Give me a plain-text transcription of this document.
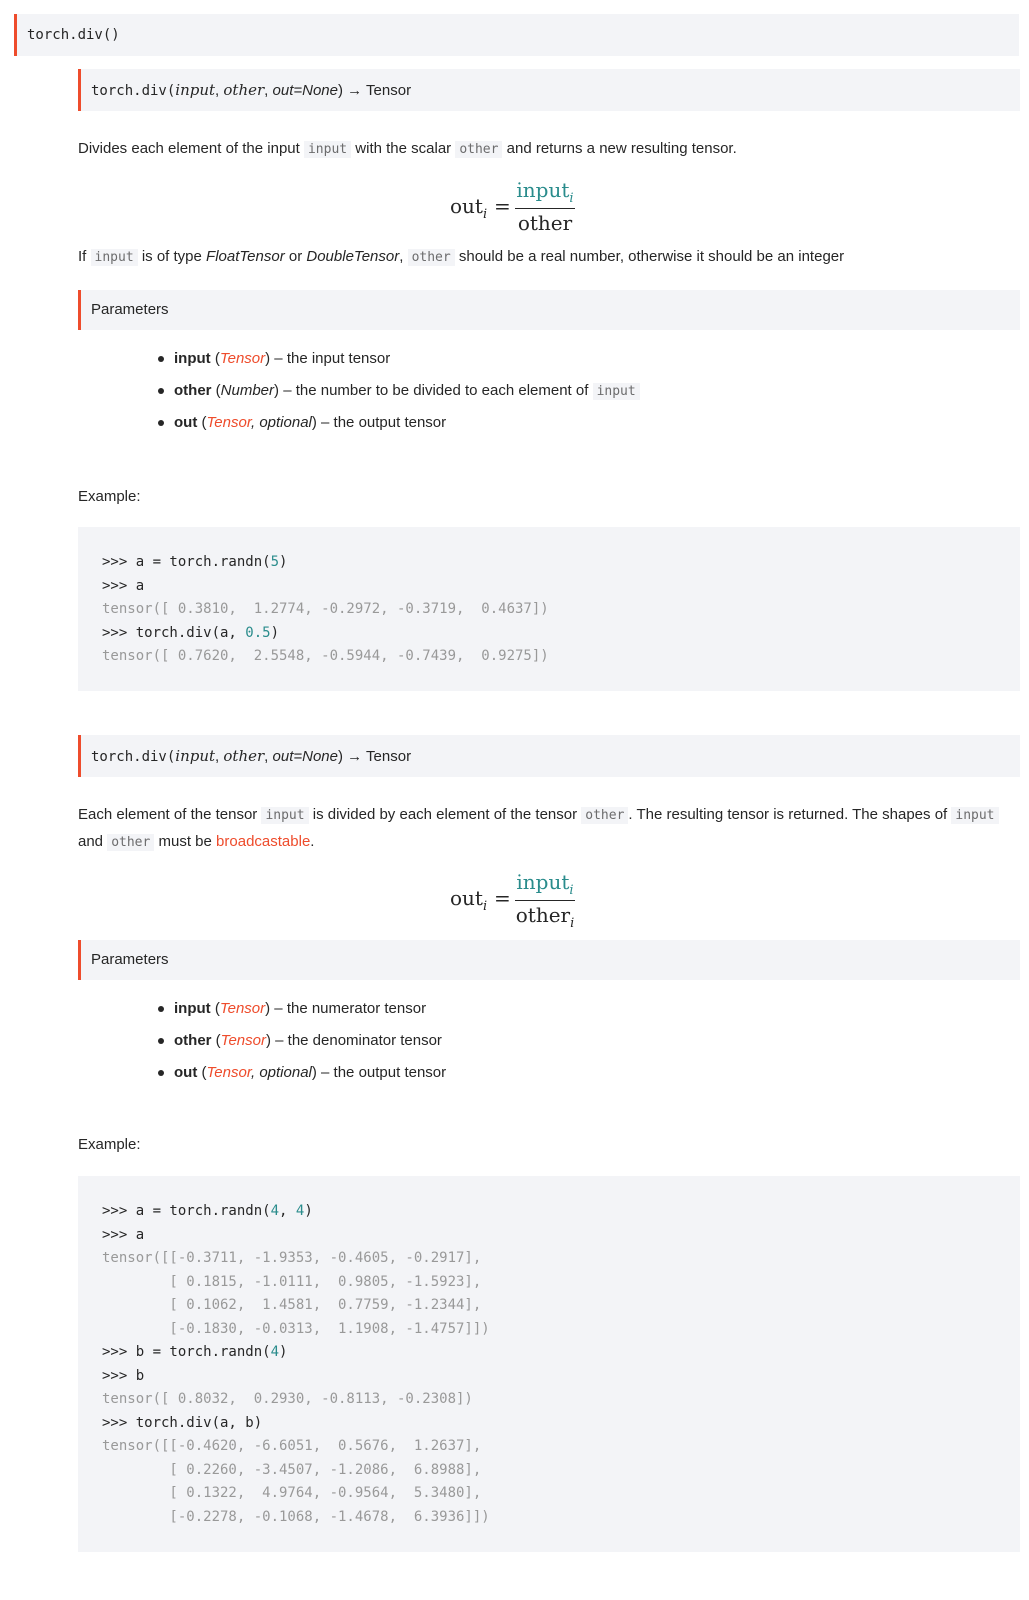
torch.div()
torch.div(input, other, out=None) → Tensor
Divides each element of the input input with the scalar other and returns a new resulting tensor.
out$_i$ =
input$_i$
other
If input is of type FloatTensor or DoubleTensor, other should be a real number, otherwise it should be an integer
Parameters
input (Tensor) – the input tensor
other (Number) – the number to be divided to each element of input
out (Tensor, optional) – the output tensor
Example:
>>> a = torch.randn(5)
>>> a
tensor([ 0.3810,  1.2774, -0.2972, -0.3719,  0.4637])
>>> torch.div(a, 0.5)
tensor([ 0.7620,  2.5548, -0.5944, -0.7439,  0.9275])
torch.div(input, other, out=None) → Tensor
Each element of the tensor input is divided by each element of the tensor other . The resulting tensor is returned. The shapes of input and other must be broadcastable.
out$_i$ =
input$_i$
other$_i$
Parameters
input (Tensor) – the numerator tensor
other (Tensor) – the denominator tensor
out (Tensor, optional) – the output tensor
Example:
>>> a = torch.randn(4, 4)
>>> a
tensor([[-0.3711, -1.9353, -0.4605, -0.2917],
[ 0.1815, -1.0111,  0.9805, -1.5923],
[ 0.1062,  1.4581,  0.7759, -1.2344],
[-0.1830, -0.0313,  1.1908, -1.4757]])
>>> b = torch.randn(4)
>>> b
tensor([ 0.8032,  0.2930, -0.8113, -0.2308])
>>> torch.div(a, b)
tensor([[-0.4620, -6.6051,  0.5676,  1.2637],
[ 0.2260, -3.4507, -1.2086,  6.8988],
[ 0.1322,  4.9764, -0.9564,  5.3480],
[-0.2278, -0.1068, -1.4678,  6.3936]])
